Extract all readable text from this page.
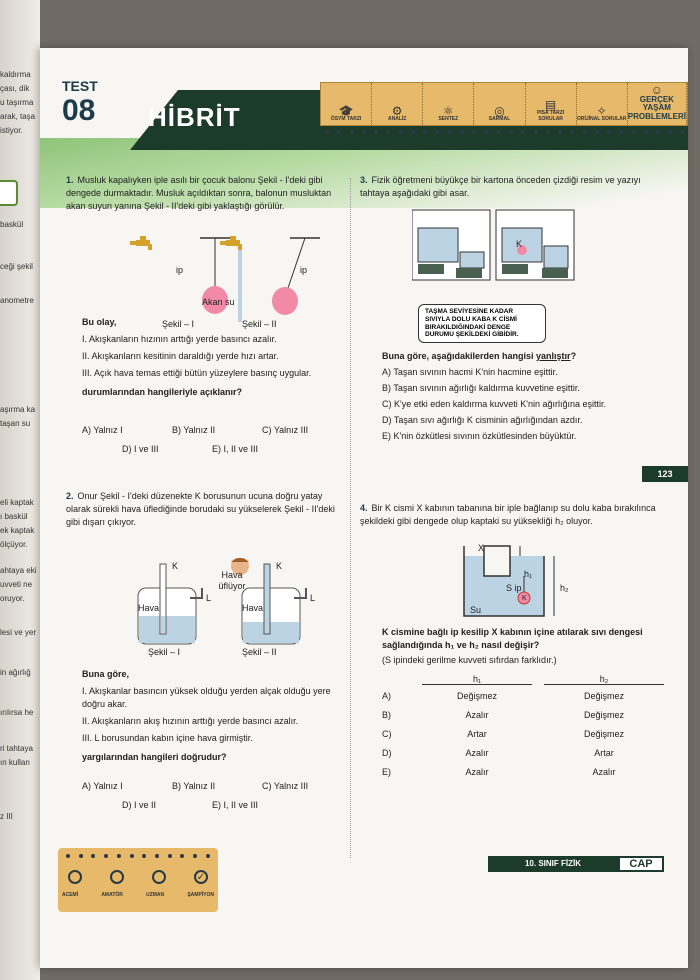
kaldırma
çası, dik
u taşırma
arak, taşa
istiyor.
baskül
ceği şekil
anometre
aşırma ka
taşan su
eli kaptak
ı baskül
ek kaptak
ölçüyor.
ahtaya eki
uvveti ne
oruyor.
lesi ve yer
in ağırlığ
ırılırsa he
ri tahtaya
ın kullan
z III
TEST
08 HİBRİT	🎓
ÖSYM TARZI
⚙
ANALİZ
⚛
SENTEZ
◎
SARMAL
▤
PISA TARZI SORULAR
✧
ORİJİNAL SORULAR
☺
GERÇEK YAŞAM PROBLEMLERİ

1. Musluk kapalıyken iple asılı bir çocuk balonu Şekil - I'deki gibi dengede durmaktadır. Musluk açıldıktan sonra, balonun musluktan akan suyun yanına Şekil - II'deki gibi yaklaştığı görülür.

ip	ip
Akan su
Şekil – I	Şekil – II

Bu olay,

I. Akışkanların hızının arttığı yerde basıncı azalır.

II. Akışkanların kesitinin daraldığı yerde hızı artar.

III. Açık hava temas ettiği bütün yüzeylere basınç uygular.

durumlarından hangileriyle açıklanır?

A) Yalnız I	B) Yalnız II	C) Yalnız III
D) I ve III	E) I, II ve III

2. Onur Şekil - I'deki düzenekte K borusunun ucuna doğru yatay olarak sürekli hava üflediğinde borudaki su yükselerek Şekil - II'deki gibi dışarı çıkıyor.

K	K
L	L
Hava	Hava
Hava üflüyor
Şekil – I	Şekil – II

Buna göre,

I. Akışkanlar basıncın yüksek olduğu yerden alçak olduğu yere doğru akar.

II. Akışkanların akış hızının arttığı yerde basıncı azalır.

III. L borusundan kabın içine hava girmiştir.

yargılarından hangileri doğrudur?

A) Yalnız I	B) Yalnız II	C) Yalnız III
D) I ve II	E) I, II ve III

3. Fizik öğretmeni büyükçe bir kartona önceden çizdiği resim ve yazıyı tahtaya aşağıdaki gibi asar.

K
TAŞMA SEVİYESİNE KADAR SIVIYLA DOLU KABA K CİSMİ BIRAKILDIĞINDAKİ DENGE DURUMU ŞEKİLDEKİ GİBİDİR.

Buna göre, aşağıdakilerden hangisi yanlıştır?

A) Taşan sıvının hacmi K'nin hacmine eşittir.

B) Taşan sıvının ağırlığı kaldırma kuvvetine eşittir.

C) K'ye etki eden kaldırma kuvveti K'nin ağırlığına eşittir.

D) Taşan sıvı ağırlığı K cisminin ağırlığından azdır.

E) K'nin özkütlesi sıvının özkütlesinden büyüktür.

123

4. Bir K cismi X kabının tabanına bir iple bağlanıp su dolu kaba bırakılınca şekildeki gibi dengede olup kaptaki su yüksekliği h₂ oluyor.

X
h₁
h₂
S ip
K
Su

K cismine bağlı ip kesilip X kabının içine atılarak sıvı dengesi sağlandığında h₁ ve h₂ nasıl değişir?

(S ipindeki gerilme kuvveti sıfırdan farklıdır.)

h₁	h₂
A)	Değişmez	Değişmez
B)	Azalır	Değişmez
C)	Artar	Değişmez
D)	Azalır	Artar
E)	Azalır	Azalır
✓
ACEMİ	AMATÖR	UZMAN	ŞAMPİYON
10. SINIF FİZİK	CAP
